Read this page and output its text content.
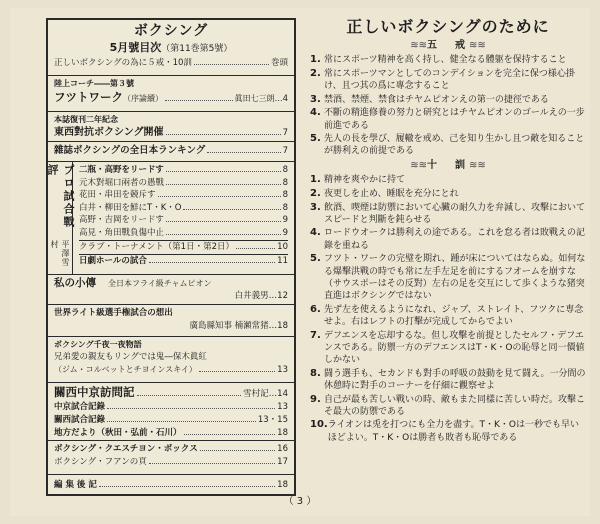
ボクシング
5月號目次（第11巻第5號）
正しいボクシングの為に５戒・10訓	巻頭
陸上コーチ――第３號
フツトワーク （序論續）	眞田七三朗 … 4
本誌復刊二年紀念
東西對抗ボクシング開催	7
雜誌ボクシングの全日本ランキング	7
プロ試合戰評
平澤雪村
二瓶・高野をリードす	8
元木對堀口兩者の愚戰	8
花田・串田を競斥す	8
白井・柳田を鮮にT・K・O	8
高野・吉岡をリードす	9
高見・角田戰負傷中止	9
クラブ・トーナメント（第1日・第2日）	10
日劇ホールの試合	11
私の小傳 全日本フライ級チャムピオン
白井義男 … 12
世界ライト級選手権試合の想出
廣島縣知事 楠瀬常猪 … 18
ボクシング千夜一夜物語
兄弟愛の親友もリングでは鬼―保木眞紅
（ジム・コルベットとチヨインスキイ）	13
關西中京訪問記	雪村記 … 14
中京試合記錄	13
關西試合記錄	13・15
地方だより（秋田・弘前・石川）	18
ボクシング・クエスチヨン・ボックス	16
ボクシング・フアンの頁	17
編 集 後 記	18
正しいボクシングのために
≋≋五　戒≋≋
1. 常にスポーツ精神を高く持し、健全なる體躯を保持すること
2. 常にスポーツマンとしてのコンデイションを完全に保つ様心掛け、且つ其の爲に專念すること
3. 禁酒、禁煙、禁食はチヤムピオンえの第一の捷徑である
4. 不斷の精進修養の努力と研究とはチヤムピオンのゴールえの一步前進である
5. 先人の長を學び、履轍を戒め、己を知り生かし且つ敵を知ることが勝利えの前提である
≋≋十　訓≋≋
1. 精神を爽やかに持て
2. 夜更しを止め、睡眠を充分にとれ
3. 飲酒、喫煙は防禦において心臟の耐久力を弁減し、攻擊においてスピードと判斷を鈍らせる
4. ロードウオークは勝利えの途である。これを怠る者は敗戰えの記錄を重ねる
5. フツト・ワークの完璧を期れ、踵が床についてはならぬ。如何なる爆擊洪戰の時でも常に左手左足を前にするフオームを崩すな（サウスポーはその反對）左右の足を交互にして歩くような猪突直進はボクシングではない
6. 先ず左を使えるようになれ、ジャブ、ストレイト、フツクに専念せよ。右はレフトの打擊が完成してからでよい
7. デフエンスを忘却するな。但し攻擊を前提としたセルフ・デフエンスである。防禦一方のデフエンスはT・K・Oの恥辱と同一價値しかない
8. 闘う選手も、セカンドも對手の呼吸の鼓動を見て闘え。一分間の休憩時に對手のコーナーを仔細に觀察せよ
9. 自己が最も苦しい戰いの時、敵もまた同樣に苦しい時だ。攻擊こそ最大の防禦である
10. ライオンは兎を打つにも全力を盡す。T・K・Oは一秒でも早いほどよい。T・K・Oは勝者も敗者も恥辱である
（ 3 ）
